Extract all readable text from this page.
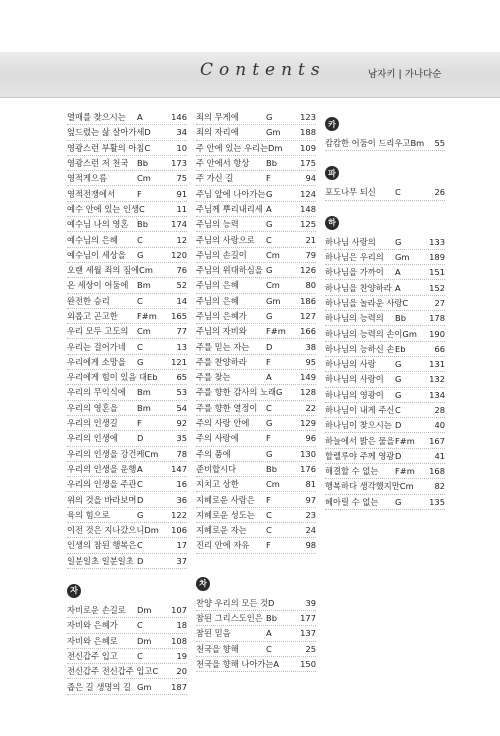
Contents	남자키 | 가나다순
열매를 찾으시는	A	146
엎드렸는 삶 살아가세 D	34
영광스런 부활의 아침 C	10
영광스런 저 천국	Bb	173
영적게으름	Cm	75
영적전쟁에서	F	91
예수 안에 있는 인생 C	11
예수님 나의 영혼	Bb	174
예수님의 은혜	C	12
예수님이 세상을	G	120
오랜 세월 죄의 짐에 Cm	76
온 세상이 어둠에	Bm	52
완전한 승리	C	14
외롭고 곤고한	F#m	165
우리 모두 고도의	Cm	77
우리는 걸어가네	C	13
우리에게 소망을	G	121
우리에게 힘이 있음 대 Eb	65
우리의 무익식에	Bm	53
우리의 영혼을	Bm	54
우리의 인생길	F	92
우리의 인생에	D	35
우리의 인생을 강건케 Cm	78
우리의 인생을 운행 A	147
우리의 인생을 주관 C	16
위의 것을 바라보며 D	36
육의 힘으로	G	122
이전 것은 지나갔으니 Dm	106
인생의 참된 행복은 C	17
일분일초 일분일초 D	37
자
자비로운 손길로	Dm	107
자비와 은혜가	C	18
자비와 은혜로	Dm	108
전신갑주 입고	C	19
전신갑주 전신갑주 입고 C	20
좁은 길 생명의 길 Gm	187
죄의 무게에	G	123
죄의 자리에	Gm	188
주 안에 있는 우리는 Dm	109
주 안에서 항상	Bb	175
주 가신 길	F	94
주님 앞에 나아가는 G	124
주님께 뿌리내리세 A	148
주님의 능력	G	125
주님의 사랑으로	C	21
주님의 손길이	Cm	79
주님의 위대하심을 G	126
주님의 은혜	Cm	80
주님의 은혜	Gm	186
주님의 은혜가	G	127
주님의 자비와	F#m	166
주를 믿는 자는	D	38
주를 찬양하라	F	95
주를 찾는	A	149
주를 향한 감사의 노래 G	128
주를 향한 열정이	C	22
주의 사랑 안에	G	129
주의 사랑에	F	96
주의 품에	G	130
준비합시다	Bb	176
지치고 상한	Cm	81
지혜로운 사람은	F	97
지혜로운 성도는	C	23
지혜로운 자는	C	24
진리 안에 자유	F	98
차
찬양 우리의 모든 것 D	39
참된 그리스도인은 Bb	177
참된 믿음	A	137
천국을 향해	C	25
천국을 향해 나아가는 A	150
카
캄캄한 어둠이 드리우고 Bm	55
파
포도나무 되신	C	26
하
하나님 사랑의	G	133
하나님은 우리의	Gm	189
하나님을 가까이	A	151
하나님을 찬양하라 A	152
하나님을 놀라운 사랑 C	27
하나님의 능력의	Bb	178
하나님의 능력의 손이 Gm	190
하나님의 능하신 손 Eb	66
하나님의 사랑	G	131
하나님의 사랑이	G	132
하나님의 영광이	G	134
하나님이 내게 주신 C	28
하나님이 찾으시는 D	40
하늘에서 밝은 물을 F#m	167
할렐루야 주께 영광 D	41
해결할 수 없는	F#m	168
행복하다 생각했지만 Cm	82
헤아릴 수 없는	G	135
